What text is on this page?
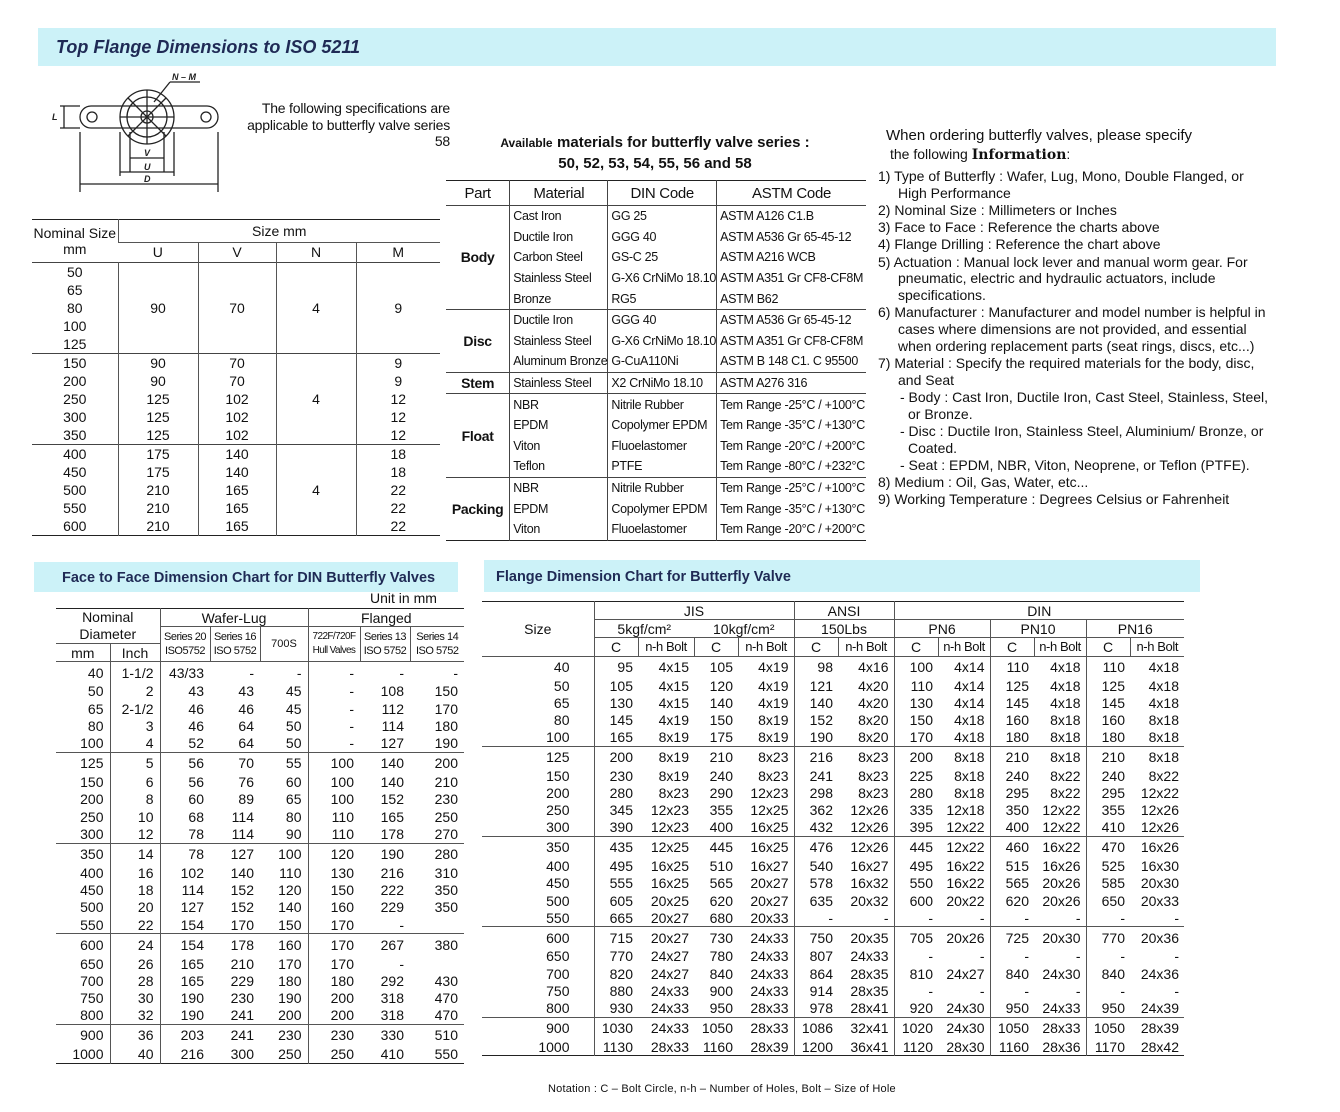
Top Flange Dimensions to ISO 5211
N – M
L
V
U
D
The following specifications are applicable to butterfly valve series 58
Nominal Size mm	Size mm			
	U	V	N	M
50	90	70	4	9
65				
80				
100				
125				
150	90	70	4	9
200	90	70		9
250	125	102		12
300	125	102		12
350	125	102		12
400	175	140	4	18
450	175	140		18
500	210	165		22
550	210	165		22
600	210	165		22
Available materials for butterfly valve series :
50, 52, 53, 54, 55, 56 and 58
Part	Material	DIN Code	ASTM Code
Body	Cast Iron	GG 25	ASTM A126 C1.B
	Ductile Iron	GGG 40	ASTM A536 Gr 65-45-12
	Carbon Steel	GS-C 25	ASTM A216 WCB
	Stainless Steel	G-X6 CrNiMo 18.10	ASTM A351 Gr CF8-CF8M
	Bronze	RG5	ASTM B62
Disc	Ductile Iron	GGG 40	ASTM A536 Gr 65-45-12
	Stainless Steel	G-X6 CrNiMo 18.10	ASTM A351 Gr CF8-CF8M
	Aluminum Bronze	G-CuA110Ni	ASTM B 148 C1. C 95500
Stem	Stainless Steel	X2 CrNiMo 18.10	ASTM A276 316
Float	NBR	Nitrile Rubber	Tem Range -25°C / +100°C
	EPDM	Copolymer EPDM	Tem Range -35°C / +130°C
	Viton	Fluoelastomer	Tem Range -20°C / +200°C
	Teflon	PTFE	Tem Range -80°C / +232°C
Packing	NBR	Nitrile Rubber	Tem Range -25°C / +100°C
	EPDM	Copolymer EPDM	Tem Range -35°C / +130°C
	Viton	Fluoelastomer	Tem Range -20°C / +200°C
When ordering butterfly valves, please specify
the following Information:
1) Type of Butterfly : Wafer, Lug, Mono, Double Flanged, or High Performance
2) Nominal Size : Millimeters or Inches
3) Face to Face : Reference the charts above
4) Flange Drilling : Reference the chart above
5) Actuation : Manual lock lever and manual worm gear. For pneumatic, electric and hydraulic actuators, include specifications.
6) Manufacturer : Manufacturer and model number is helpful in cases where dimensions are not provided, and essential when ordering replacement parts (seat rings, discs, etc...)
7) Material : Specify the required materials for the body, disc, and Seat
- Body : Cast Iron, Ductile Iron, Cast Steel, Stainless, Steel, or Bronze.
- Disc : Ductile Iron, Stainless Steel, Aluminium/ Bronze, or Coated.
- Seat : EPDM, NBR, Viton, Neoprene, or Teflon (PTFE).
8) Medium : Oil, Gas, Water, etc...
9) Working Temperature : Degrees Celsius or Fahrenheit
Face to Face Dimension Chart for DIN Butterfly Valves
Unit in mm
Nominal Diameter		Wafer-Lug			Flanged		
		Series 20 ISO5752	Series 16 ISO 5752	700S	722F/720F Hull Valves	Series 13 ISO 5752	Series 14 ISO 5752
mm	Inch						
40	1-1/2	43/33	-	-	-	-	-
50	2	43	43	45	-	108	150
65	2-1/2	46	46	45	-	112	170
80	3	46	64	50	-	114	180
100	4	52	64	50	-	127	190
125	5	56	70	55	100	140	200
150	6	56	76	60	100	140	210
200	8	60	89	65	100	152	230
250	10	68	114	80	110	165	250
300	12	78	114	90	110	178	270
350	14	78	127	100	120	190	280
400	16	102	140	110	130	216	310
450	18	114	152	120	150	222	350
500	20	127	152	140	160	229	350
550	22	154	170	150	170	-	
600	24	154	178	160	170	267	380
650	26	165	210	170	170	-	
700	28	165	229	180	180	292	430
750	30	190	230	190	200	318	470
800	32	190	241	200	200	318	470
900	36	203	241	230	230	330	510
1000	40	216	300	250	250	410	550
Flange Dimension Chart for Butterfly Valve
Size	JIS				ANSI		DIN					
	5kgf/cm²		10kgf/cm²		150Lbs		PN6		PN10		PN16	
	C	n-h Bolt	C	n-h Bolt	C	n-h Bolt	C	n-h Bolt	C	n-h Bolt	C	n-h Bolt
40	95	4x15	105	4x19	98	4x16	100	4x14	110	4x18	110	4x18
50	105	4x15	120	4x19	121	4x20	110	4x14	125	4x18	125	4x18
65	130	4x15	140	4x19	140	4x20	130	4x14	145	4x18	145	4x18
80	145	4x19	150	8x19	152	8x20	150	4x18	160	8x18	160	8x18
100	165	8x19	175	8x19	190	8x20	170	4x18	180	8x18	180	8x18
125	200	8x19	210	8x23	216	8x23	200	8x18	210	8x18	210	8x18
150	230	8x19	240	8x23	241	8x23	225	8x18	240	8x22	240	8x22
200	280	8x23	290	12x23	298	8x23	280	8x18	295	8x22	295	12x22
250	345	12x23	355	12x25	362	12x26	335	12x18	350	12x22	355	12x26
300	390	12x23	400	16x25	432	12x26	395	12x22	400	12x22	410	12x26
350	435	12x25	445	16x25	476	12x26	445	12x22	460	16x22	470	16x26
400	495	16x25	510	16x27	540	16x27	495	16x22	515	16x26	525	16x30
450	555	16x25	565	20x27	578	16x32	550	16x22	565	20x26	585	20x30
500	605	20x25	620	20x27	635	20x32	600	20x22	620	20x26	650	20x33
550	665	20x27	680	20x33	-	-	-	-	-	-	-	-
600	715	20x27	730	24x33	750	20x35	705	20x26	725	20x30	770	20x36
650	770	24x27	780	24x33	807	24x33	-	-	-	-	-	-
700	820	24x27	840	24x33	864	28x35	810	24x27	840	24x30	840	24x36
750	880	24x33	900	24x33	914	28x35	-	-	-	-	-	-
800	930	24x33	950	28x33	978	28x41	920	24x30	950	24x33	950	24x39
900	1030	24x33	1050	28x33	1086	32x41	1020	24x30	1050	28x33	1050	28x39
1000	1130	28x33	1160	28x39	1200	36x41	1120	28x30	1160	28x36	1170	28x42
Notation : C – Bolt Circle, n-h – Number of Holes, Bolt – Size of Hole
